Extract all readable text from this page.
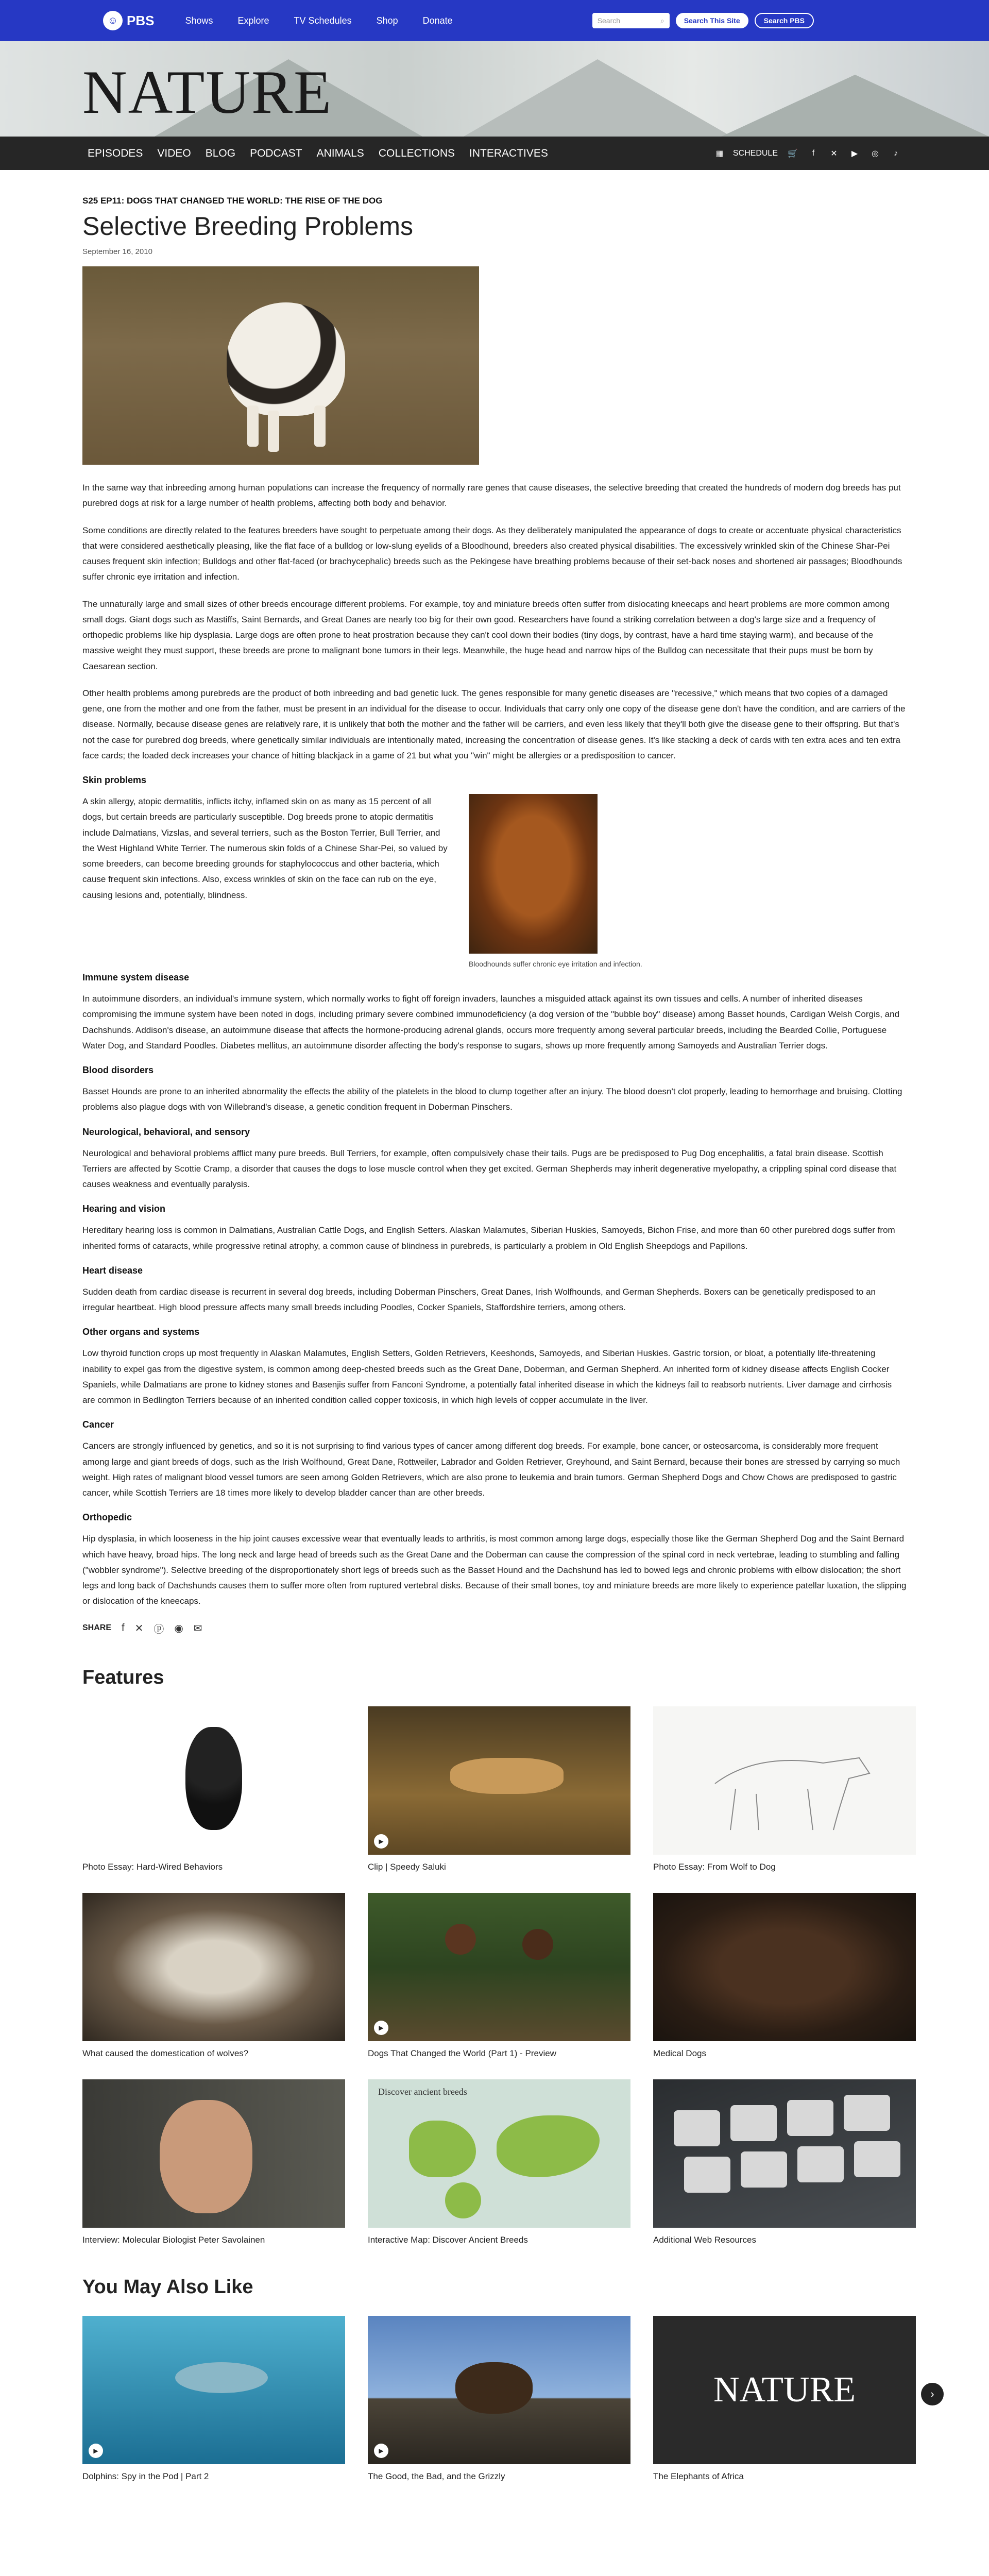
☺ PBS	Shows	Explore	TV Schedules	Shop	Donate	Search	⌕	Search This Site	Search PBS
NATURE
EPISODES VIDEO BLOG PODCAST ANIMALS COLLECTIONS INTERACTIVES	▦ SCHEDULE 🛒	f	✕	▶	◎	♪
S25 EP11: DOGS THAT CHANGED THE WORLD: THE RISE OF THE DOG
Selective Breeding Problems
September 16, 2010

In the same way that inbreeding among human populations can increase the frequency of normally rare genes that cause diseases, the selective breeding that created the hundreds of modern dog breeds has put purebred dogs at risk for a large number of health problems, affecting both body and behavior.

Some conditions are directly related to the features breeders have sought to perpetuate among their dogs. As they deliberately manipulated the appearance of dogs to create or accentuate physical characteristics that were considered aesthetically pleasing, like the flat face of a bulldog or low-slung eyelids of a Bloodhound, breeders also created physical disabilities. The excessively wrinkled skin of the Chinese Shar-Pei causes frequent skin infection; Bulldogs and other flat-faced (or brachycephalic) breeds such as the Pekingese have breathing problems because of their set-back noses and shortened air passages; Bloodhounds suffer chronic eye irritation and infection.

The unnaturally large and small sizes of other breeds encourage different problems. For example, toy and miniature breeds often suffer from dislocating kneecaps and heart problems are more common among small dogs. Giant dogs such as Mastiffs, Saint Bernards, and Great Danes are nearly too big for their own good. Researchers have found a striking correlation between a dog's large size and a frequency of orthopedic problems like hip dysplasia. Large dogs are often prone to heat prostration because they can't cool down their bodies (tiny dogs, by contrast, have a hard time staying warm), and because of the massive weight they must support, these breeds are prone to malignant bone tumors in their legs. Meanwhile, the huge head and narrow hips of the Bulldog can necessitate that their pups must be born by Caesarean section.

Other health problems among purebreds are the product of both inbreeding and bad genetic luck. The genes responsible for many genetic diseases are "recessive," which means that two copies of a damaged gene, one from the mother and one from the father, must be present in an individual for the disease to occur. Individuals that carry only one copy of the disease gene don't have the condition, and are carriers of the disease. Normally, because disease genes are relatively rare, it is unlikely that both the mother and the father will be carriers, and even less likely that they'll both give the disease gene to their offspring. But that's not the case for purebred dog breeds, where genetically similar individuals are intentionally mated, increasing the concentration of disease genes. It's like stacking a deck of cards with ten extra aces and ten extra face cards; the loaded deck increases your chance of hitting blackjack in a game of 21 but what you "win" might be allergies or a predisposition to cancer.

Skin problems

A skin allergy, atopic dermatitis, inflicts itchy, inflamed skin on as many as 15 percent of all dogs, but certain breeds are particularly susceptible. Dog breeds prone to atopic dermatitis include Dalmatians, Vizslas, and several terriers, such as the Boston Terrier, Bull Terrier, and the West Highland White Terrier. The numerous skin folds of a Chinese Shar-Pei, so valued by some breeders, can become breeding grounds for staphylococcus and other bacteria, which cause frequent skin infections. Also, excess wrinkles of skin on the face can rub on the eye, causing lesions and, potentially, blindness.

Bloodhounds suffer chronic eye irritation and infection.
Immune system disease

In autoimmune disorders, an individual's immune system, which normally works to fight off foreign invaders, launches a misguided attack against its own tissues and cells. A number of inherited diseases compromising the immune system have been noted in dogs, including primary severe combined immunodeficiency (a dog version of the "bubble boy" disease) among Basset hounds, Cardigan Welsh Corgis, and Dachshunds. Addison's disease, an autoimmune disease that affects the hormone-producing adrenal glands, occurs more frequently among several particular breeds, including the Bearded Collie, Portuguese Water Dog, and Standard Poodles. Diabetes mellitus, an autoimmune disorder affecting the body's response to sugars, shows up more frequently among Samoyeds and Australian Terrier dogs.

Blood disorders

Basset Hounds are prone to an inherited abnormality the effects the ability of the platelets in the blood to clump together after an injury. The blood doesn't clot properly, leading to hemorrhage and bruising. Clotting problems also plague dogs with von Willebrand's disease, a genetic condition frequent in Doberman Pinschers.

Neurological, behavioral, and sensory

Neurological and behavioral problems afflict many pure breeds. Bull Terriers, for example, often compulsively chase their tails. Pugs are be predisposed to Pug Dog encephalitis, a fatal brain disease. Scottish Terriers are affected by Scottie Cramp, a disorder that causes the dogs to lose muscle control when they get excited. German Shepherds may inherit degenerative myelopathy, a crippling spinal cord disease that causes weakness and eventually paralysis.

Hearing and vision

Hereditary hearing loss is common in Dalmatians, Australian Cattle Dogs, and English Setters. Alaskan Malamutes, Siberian Huskies, Samoyeds, Bichon Frise, and more than 60 other purebred dogs suffer from inherited forms of cataracts, while progressive retinal atrophy, a common cause of blindness in purebreds, is particularly a problem in Old English Sheepdogs and Papillons.

Heart disease

Sudden death from cardiac disease is recurrent in several dog breeds, including Doberman Pinschers, Great Danes, Irish Wolfhounds, and German Shepherds. Boxers can be genetically predisposed to an irregular heartbeat. High blood pressure affects many small breeds including Poodles, Cocker Spaniels, Staffordshire terriers, among others.

Other organs and systems

Low thyroid function crops up most frequently in Alaskan Malamutes, English Setters, Golden Retrievers, Keeshonds, Samoyeds, and Siberian Huskies. Gastric torsion, or bloat, a potentially life-threatening inability to expel gas from the digestive system, is common among deep-chested breeds such as the Great Dane, Doberman, and German Shepherd. An inherited form of kidney disease affects English Cocker Spaniels, while Dalmatians are prone to kidney stones and Basenjis suffer from Fanconi Syndrome, a potentially fatal inherited disease in which the kidneys fail to reabsorb nutrients. Liver damage and cirrhosis are common in Bedlington Terriers because of an inherited condition called copper toxicosis, in which high levels of copper accumulate in the liver.

Cancer

Cancers are strongly influenced by genetics, and so it is not surprising to find various types of cancer among different dog breeds. For example, bone cancer, or osteosarcoma, is considerably more frequent among large and giant breeds of dogs, such as the Irish Wolfhound, Great Dane, Rottweiler, Labrador and Golden Retriever, Greyhound, and Saint Bernard, because their bones are stressed by carrying so much weight. High rates of malignant blood vessel tumors are seen among Golden Retrievers, which are also prone to leukemia and brain tumors. German Shepherd Dogs and Chow Chows are predisposed to gastric cancer, while Scottish Terriers are 18 times more likely to develop bladder cancer than are other breeds.

Orthopedic

Hip dysplasia, in which looseness in the hip joint causes excessive wear that eventually leads to arthritis, is most common among large dogs, especially those like the German Shepherd Dog and the Saint Bernard which have heavy, broad hips. The long neck and large head of breeds such as the Great Dane and the Doberman can cause the compression of the spinal cord in neck vertebrae, leading to stumbling and falling ("wobbler syndrome"). Selective breeding of the disproportionately short legs of breeds such as the Basset Hound and the Dachshund has led to bowed legs and chronic problems with elbow dislocation; the short legs and long back of Dachshunds causes them to suffer more often from ruptured vertebral disks. Because of their small bones, toy and miniature breeds are more likely to experience patellar luxation, the slipping or dislocation of the kneecaps.

SHARE f ✕ ⓟ ◉ ✉
Features
Photo Essay: Hard-Wired Behaviors
▶
Clip | Speedy Saluki	Photo Essay: From Wolf to Dog
What caused the domestication of wolves?
▶
Dogs That Changed the World (Part 1) - Preview	Medical Dogs
Interview: Molecular Biologist Peter Savolainen
Discover ancient breeds
Interactive Map: Discover Ancient Breeds	Additional Web Resources
You May Also Like
▶
Dolphins: Spy in the Pod | Part 2
▶
The Good, the Bad, and the Grizzly
NATURE
The Elephants of Africa
›
